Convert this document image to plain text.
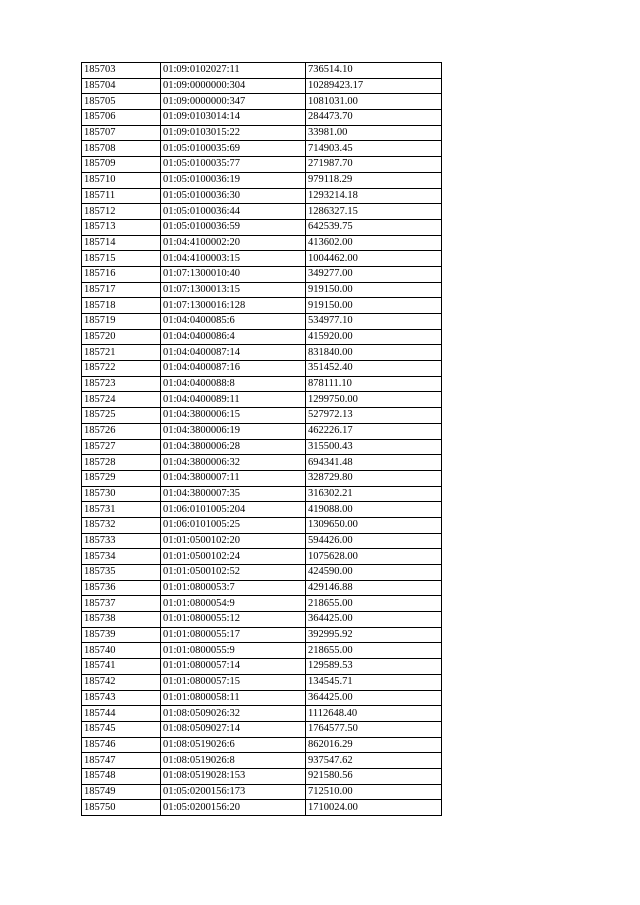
185703	01:09:0102027:11	736514.10
185704	01:09:0000000:304	10289423.17
185705	01:09:0000000:347	1081031.00
185706	01:09:0103014:14	284473.70
185707	01:09:0103015:22	33981.00
185708	01:05:0100035:69	714903.45
185709	01:05:0100035:77	271987.70
185710	01:05:0100036:19	979118.29
185711	01:05:0100036:30	1293214.18
185712	01:05:0100036:44	1286327.15
185713	01:05:0100036:59	642539.75
185714	01:04:4100002:20	413602.00
185715	01:04:4100003:15	1004462.00
185716	01:07:1300010:40	349277.00
185717	01:07:1300013:15	919150.00
185718	01:07:1300016:128	919150.00
185719	01:04:0400085:6	534977.10
185720	01:04:0400086:4	415920.00
185721	01:04:0400087:14	831840.00
185722	01:04:0400087:16	351452.40
185723	01:04:0400088:8	878111.10
185724	01:04:0400089:11	1299750.00
185725	01:04:3800006:15	527972.13
185726	01:04:3800006:19	462226.17
185727	01:04:3800006:28	315500.43
185728	01:04:3800006:32	694341.48
185729	01:04:3800007:11	328729.80
185730	01:04:3800007:35	316302.21
185731	01:06:0101005:204	419088.00
185732	01:06:0101005:25	1309650.00
185733	01:01:0500102:20	594426.00
185734	01:01:0500102:24	1075628.00
185735	01:01:0500102:52	424590.00
185736	01:01:0800053:7	429146.88
185737	01:01:0800054:9	218655.00
185738	01:01:0800055:12	364425.00
185739	01:01:0800055:17	392995.92
185740	01:01:0800055:9	218655.00
185741	01:01:0800057:14	129589.53
185742	01:01:0800057:15	134545.71
185743	01:01:0800058:11	364425.00
185744	01:08:0509026:32	1112648.40
185745	01:08:0509027:14	1764577.50
185746	01:08:0519026:6	862016.29
185747	01:08:0519026:8	937547.62
185748	01:08:0519028:153	921580.56
185749	01:05:0200156:173	712510.00
185750	01:05:0200156:20	1710024.00
